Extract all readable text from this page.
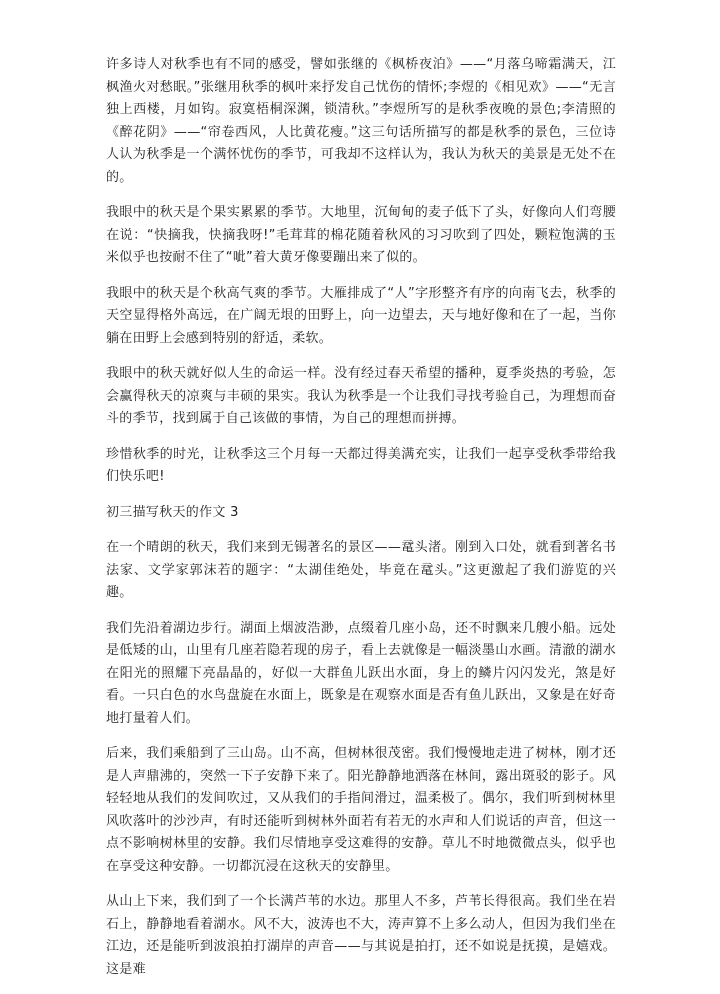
许多诗人对秋季也有不同的感受，譬如张继的《枫桥夜泊》——“月落乌啼霜满天，江枫渔火对愁眠。”张继用秋季的枫叶来抒发自己忧伤的情怀;李煜的《相见欢》——“无言独上西楼，月如钩。寂寞梧桐深渊，锁清秋。”李煜所写的是秋季夜晚的景色;李清照的《醉花阴》——“帘卷西风，人比黄花瘦。”这三句话所描写的都是秋季的景色，三位诗人认为秋季是一个满怀忧伤的季节，可我却不这样认为，我认为秋天的美景是无处不在的。

我眼中的秋天是个果实累累的季节。大地里，沉甸甸的麦子低下了头，好像向人们弯腰在说：“快摘我，快摘我呀!”毛茸茸的棉花随着秋风的习习吹到了四处，颗粒饱满的玉米似乎也按耐不住了“呲”着大黄牙像要蹦出来了似的。

我眼中的秋天是个秋高气爽的季节。大雁排成了“人”字形整齐有序的向南飞去，秋季的天空显得格外高远，在广阔无垠的田野上，向一边望去，天与地好像和在了一起，当你躺在田野上会感到特别的舒适，柔软。

我眼中的秋天就好似人生的命运一样。没有经过春天希望的播种，夏季炎热的考验，怎会赢得秋天的凉爽与丰硕的果实。我认为秋季是一个让我们寻找考验自己，为理想而奋斗的季节，找到属于自己该做的事情，为自己的理想而拼搏。

珍惜秋季的时光，让秋季这三个月每一天都过得美满充实，让我们一起享受秋季带给我们快乐吧!

初三描写秋天的作文 3

在一个晴朗的秋天，我们来到无锡著名的景区——鼋头渚。刚到入口处，就看到著名书法家、文学家郭沫若的题字：“太湖佳绝处，毕竟在鼋头。”这更激起了我们游览的兴趣。

我们先沿着湖边步行。湖面上烟波浩渺，点缀着几座小岛，还不时飘来几艘小船。远处是低矮的山，山里有几座若隐若现的房子，看上去就像是一幅淡墨山水画。清澈的湖水在阳光的照耀下亮晶晶的，好似一大群鱼儿跃出水面，身上的鳞片闪闪发光，煞是好看。一只白色的水鸟盘旋在水面上，既象是在观察水面是否有鱼儿跃出，又象是在好奇地打量着人们。

后来，我们乘船到了三山岛。山不高，但树林很茂密。我们慢慢地走进了树林，刚才还是人声鼎沸的，突然一下子安静下来了。阳光静静地洒落在林间，露出斑驳的影子。风轻轻地从我们的发间吹过，又从我们的手指间滑过，温柔极了。偶尔，我们听到树林里风吹落叶的沙沙声，有时还能听到树林外面若有若无的水声和人们说话的声音，但这一点不影响树林里的安静。我们尽情地享受这难得的安静。草儿不时地微微点头，似乎也在享受这种安静。一切都沉浸在这秋天的安静里。

从山上下来，我们到了一个长满芦苇的水边。那里人不多，芦苇长得很高。我们坐在岩石上，静静地看着湖水。风不大，波涛也不大，涛声算不上多么动人，但因为我们坐在江边，还是能听到波浪拍打湖岸的声音——与其说是拍打，还不如说是抚摸，是嬉戏。这是难
